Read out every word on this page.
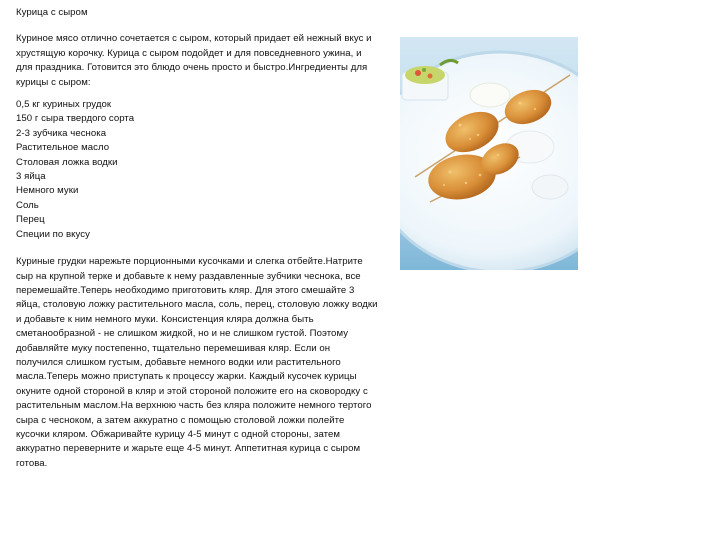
Курица с сыром

Куриное мясо отлично сочетается с сыром, который придает ей нежный вкус и хрустящую корочку. Курица с сыром подойдет и для повседневного ужина, и для праздника. Готовится это блюдо очень просто и быстро.Ингредиенты для курицы с сыром:

0,5 кг куриных грудок
150 г сыра твердого сорта
2-3 зубчика чеснока
Растительное масло
Столовая ложка водки
3 яйца
Немного муки
Соль
Перец
Специи по вкусу

Куриные грудки нарежьте порционными кусочками и слегка отбейте.Натрите сыр на крупной терке и добавьте к нему раздавленные зубчики чеснока, все перемешайте.Теперь необходимо приготовить кляр. Для этого смешайте 3 яйца, столовую ложку растительного масла, соль, перец, столовую ложку водки и добавьте к ним немного муки. Консистенция кляра должна быть сметанообразной - не слишком жидкой, но и не слишком густой. Поэтому добавляйте муку постепенно, тщательно перемешивая кляр. Если он получился слишком густым, добавьте немного водки или растительного масла.Теперь можно приступать к процессу жарки. Каждый кусочек курицы окуните одной стороной в кляр и этой стороной положите его на сковородку с растительным маслом.На верхнюю часть без кляра положите немного тертого сыра с чесноком, а затем аккуратно с помощью столовой ложки полейте кусочки кляром. Обжаривайте курицу 4-5 минут с одной стороны, затем аккуратно переверните и жарьте еще 4-5 минут. Аппетитная курица с сыром готова.
